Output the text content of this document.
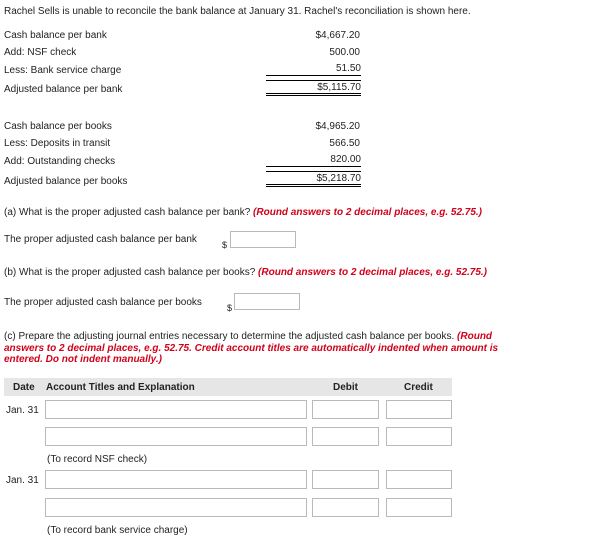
Rachel Sells is unable to reconcile the bank balance at January 31. Rachel's reconciliation is shown here.
Cash balance per bank	$4,667.20
Add: NSF check	500.00
Less: Bank service charge	51.50
Adjusted balance per bank	$5,115.70
Cash balance per books	$4,965.20
Less: Deposits in transit	566.50
Add: Outstanding checks	820.00
Adjusted balance per books	$5,218.70
(a) What is the proper adjusted cash balance per bank? (Round answers to 2 decimal places, e.g. 52.75.)
The proper adjusted cash balance per bank	$
(b) What is the proper adjusted cash balance per books? (Round answers to 2 decimal places, e.g. 52.75.)
The proper adjusted cash balance per books	$
(c) Prepare the adjusting journal entries necessary to determine the adjusted cash balance per books. (Round
answers to 2 decimal places, e.g. 52.75. Credit account titles are automatically indented when amount is
entered. Do not indent manually.)
Date Account Titles and Explanation	Debit	Credit
Jan. 31
(To record NSF check)
Jan. 31
(To record bank service charge)
